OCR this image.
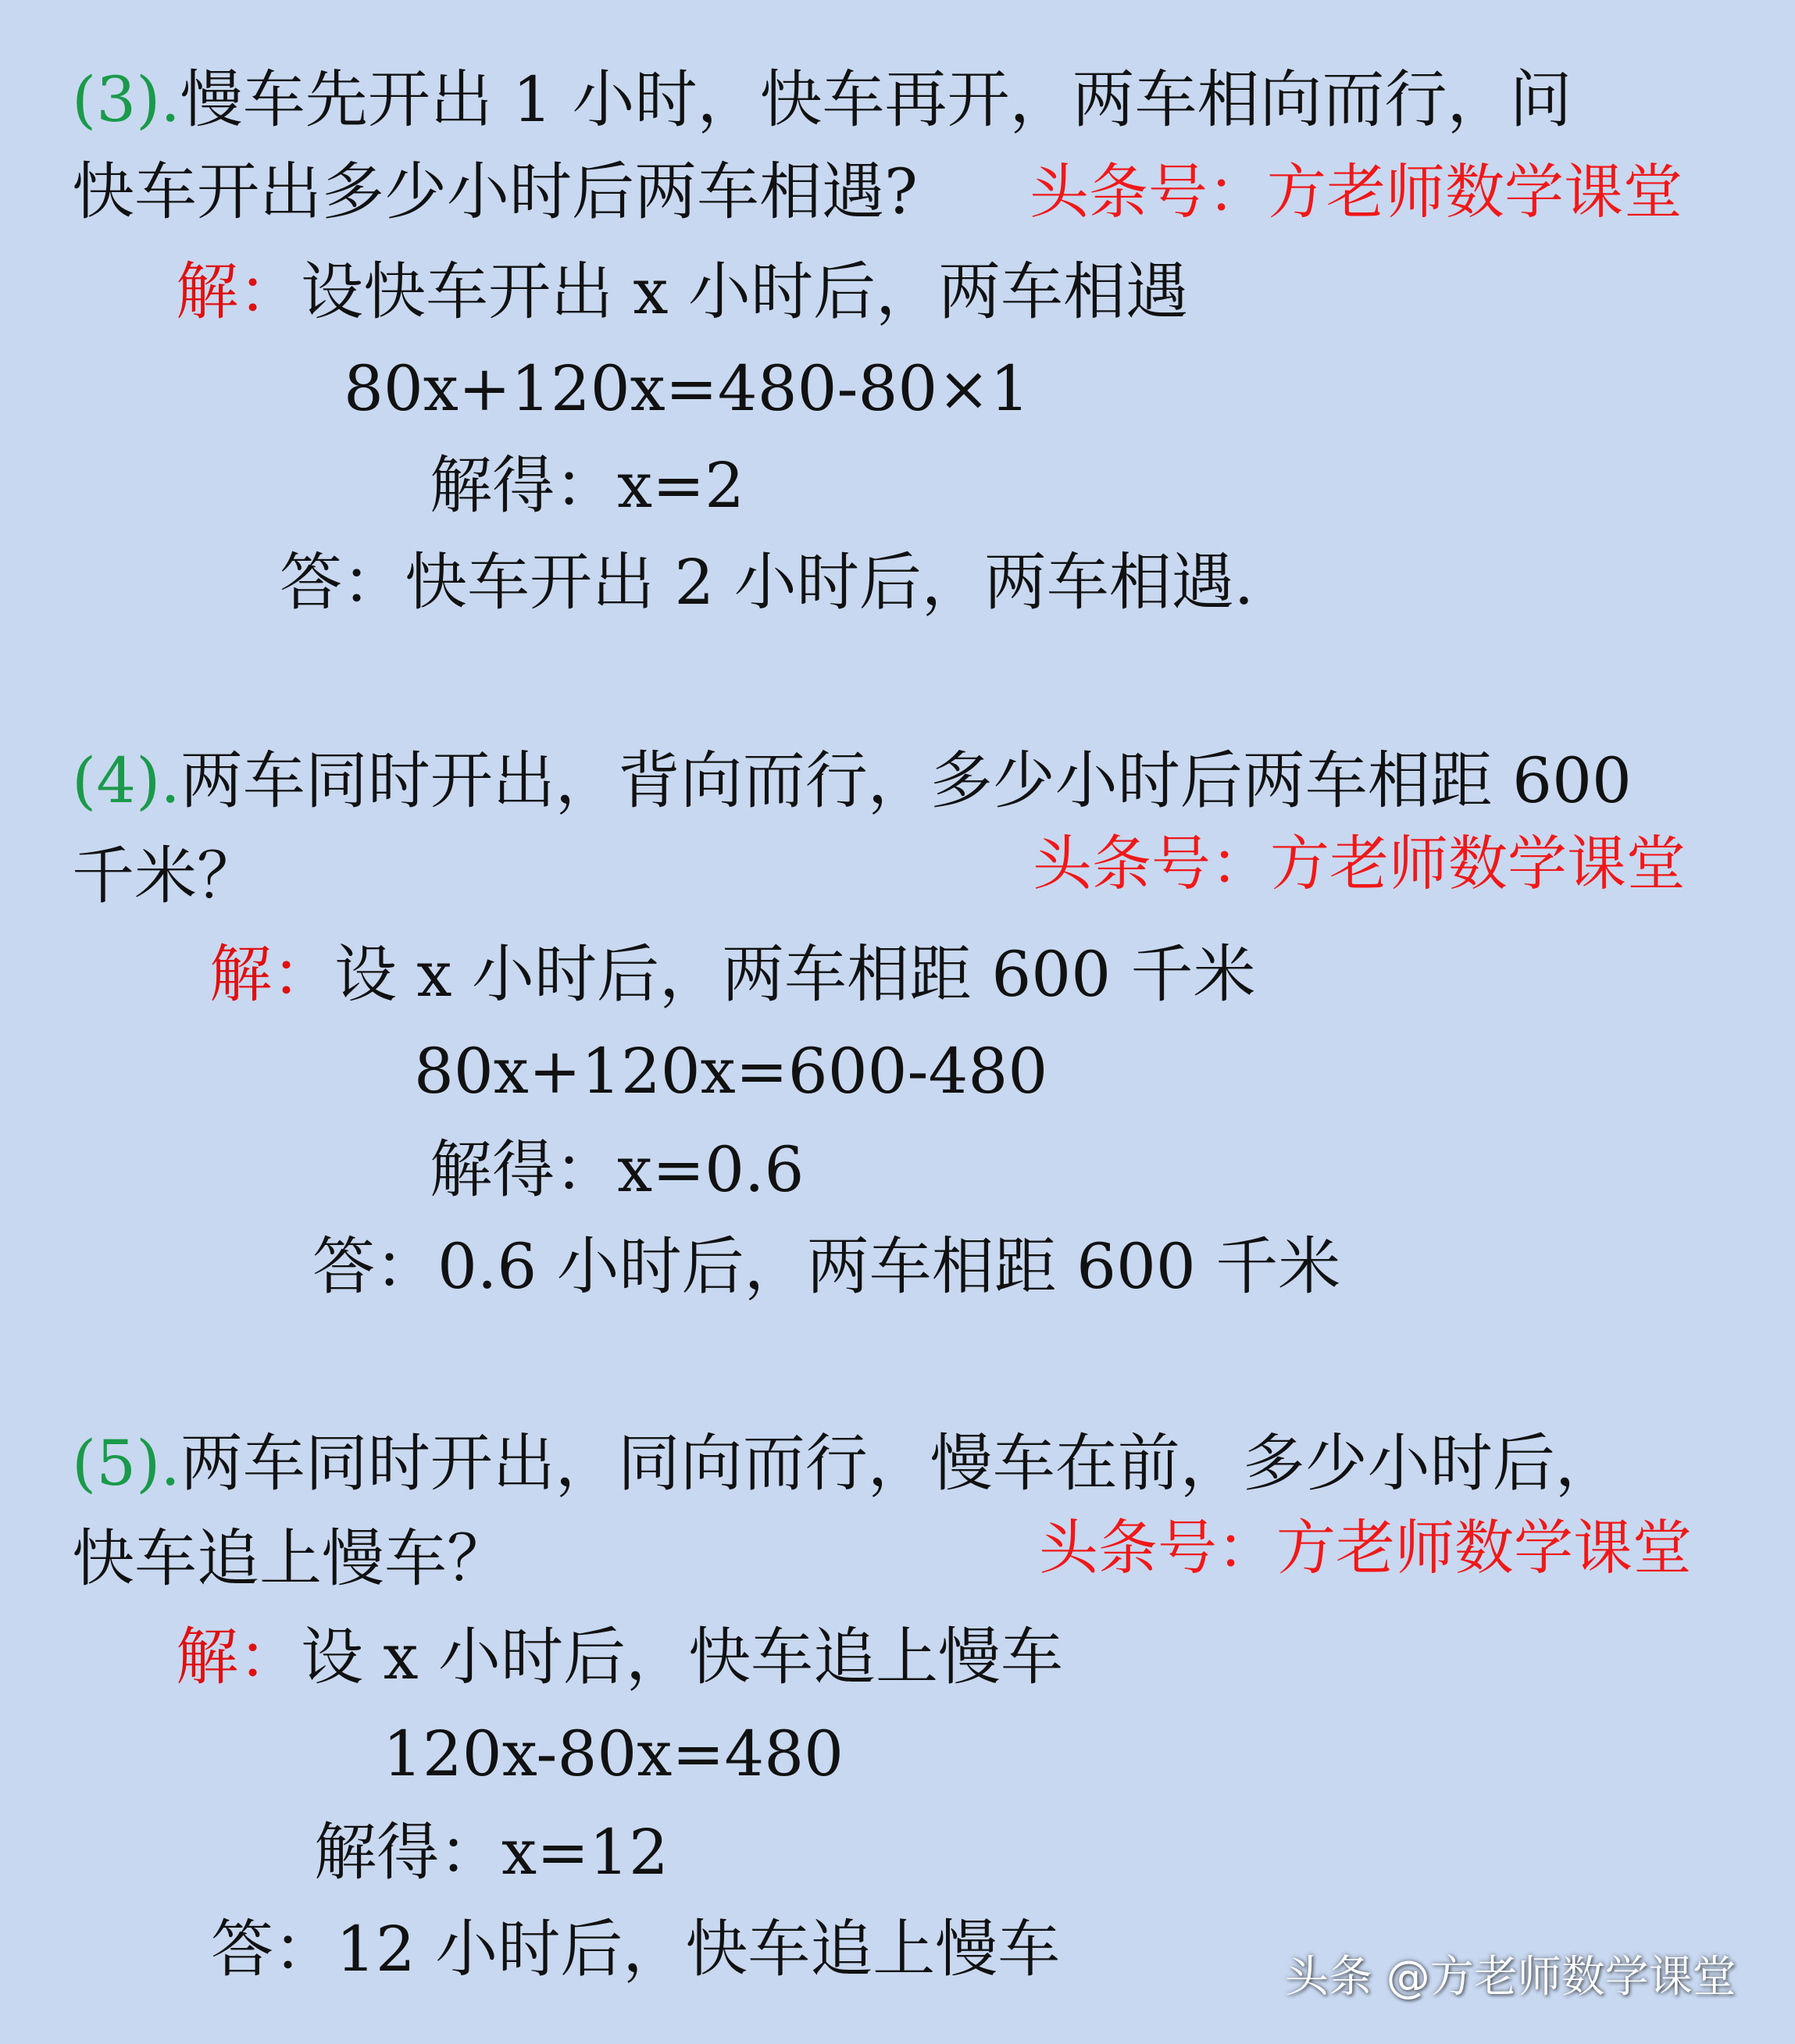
(3).慢车先开出 1 小时，快车再开，两车相向而行，问
快车开出多少小时后两车相遇? 头条号：方老师数学课堂
解：设快车开出 x 小时后，两车相遇
80x+120x=480-80×1
解得：x=2
答：快车开出 2 小时后，两车相遇.
(4).两车同时开出，背向而行，多少小时后两车相距 600
千米？	头条号：方老师数学课堂
解：设 x 小时后，两车相距 600 千米
80x+120x=600-480
解得：x=0.6
答：0.6 小时后，两车相距 600 千米
(5).两车同时开出，同向而行，慢车在前，多少小时后，
快车追上慢车？	头条号：方老师数学课堂
解：设 x 小时后，快车追上慢车
120x-80x=480
解得：x=12
答：12 小时后，快车追上慢车	头条 @方老师数学课堂
